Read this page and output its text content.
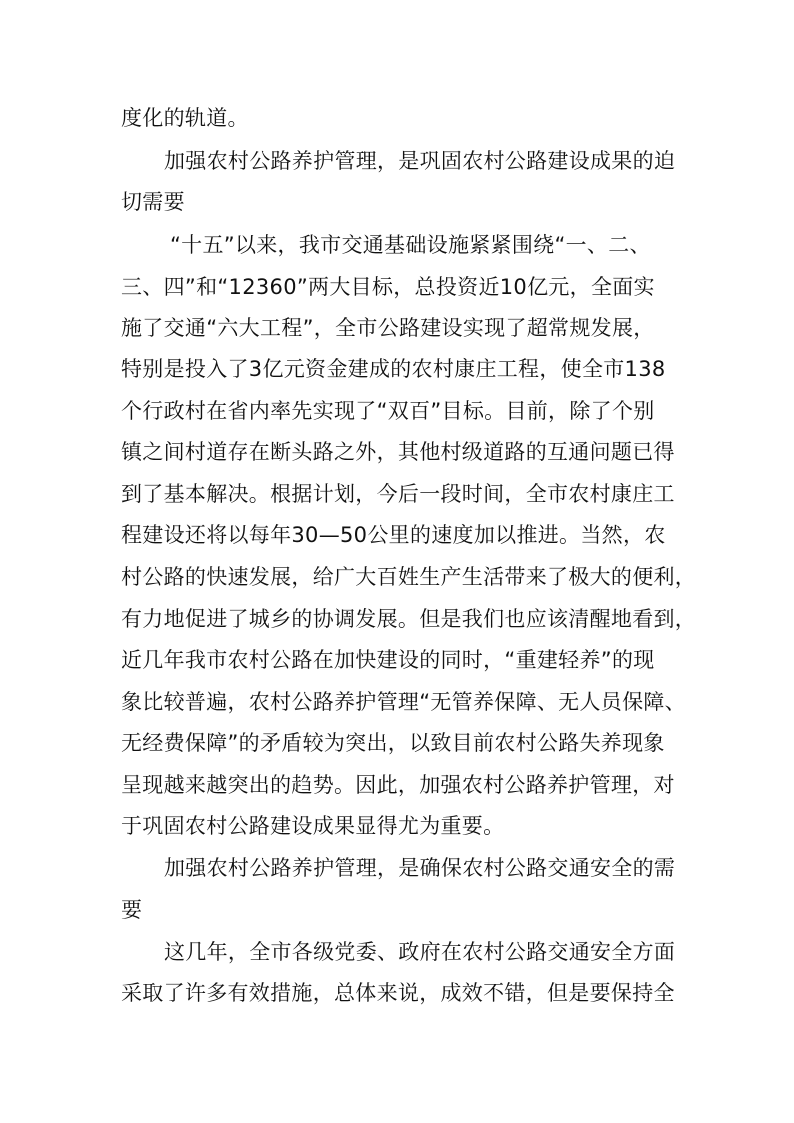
度化的轨道。

加强农村公路养护管理，是巩固农村公路建设成果的迫

切需要

“十五”以来，我市交通基础设施紧紧围绕“一、二、

三、四”和“12360”两大目标，总投资近10亿元，全面实

施了交通“六大工程”，全市公路建设实现了超常规发展，

特别是投入了3亿元资金建成的农村康庄工程，使全市138

个行政村在省内率先实现了“双百”目标。目前，除了个别

镇之间村道存在断头路之外，其他村级道路的互通问题已得

到了基本解决。根据计划，今后一段时间，全市农村康庄工

程建设还将以每年30—50公里的速度加以推进。当然，农

村公路的快速发展，给广大百姓生产生活带来了极大的便利，

有力地促进了城乡的协调发展。但是我们也应该清醒地看到，

近几年我市农村公路在加快建设的同时，“重建轻养”的现

象比较普遍，农村公路养护管理“无管养保障、无人员保障、

无经费保障”的矛盾较为突出，以致目前农村公路失养现象

呈现越来越突出的趋势。因此，加强农村公路养护管理，对

于巩固农村公路建设成果显得尤为重要。

加强农村公路养护管理，是确保农村公路交通安全的需

要

这几年，全市各级党委、政府在农村公路交通安全方面

采取了许多有效措施，总体来说，成效不错，但是要保持全
